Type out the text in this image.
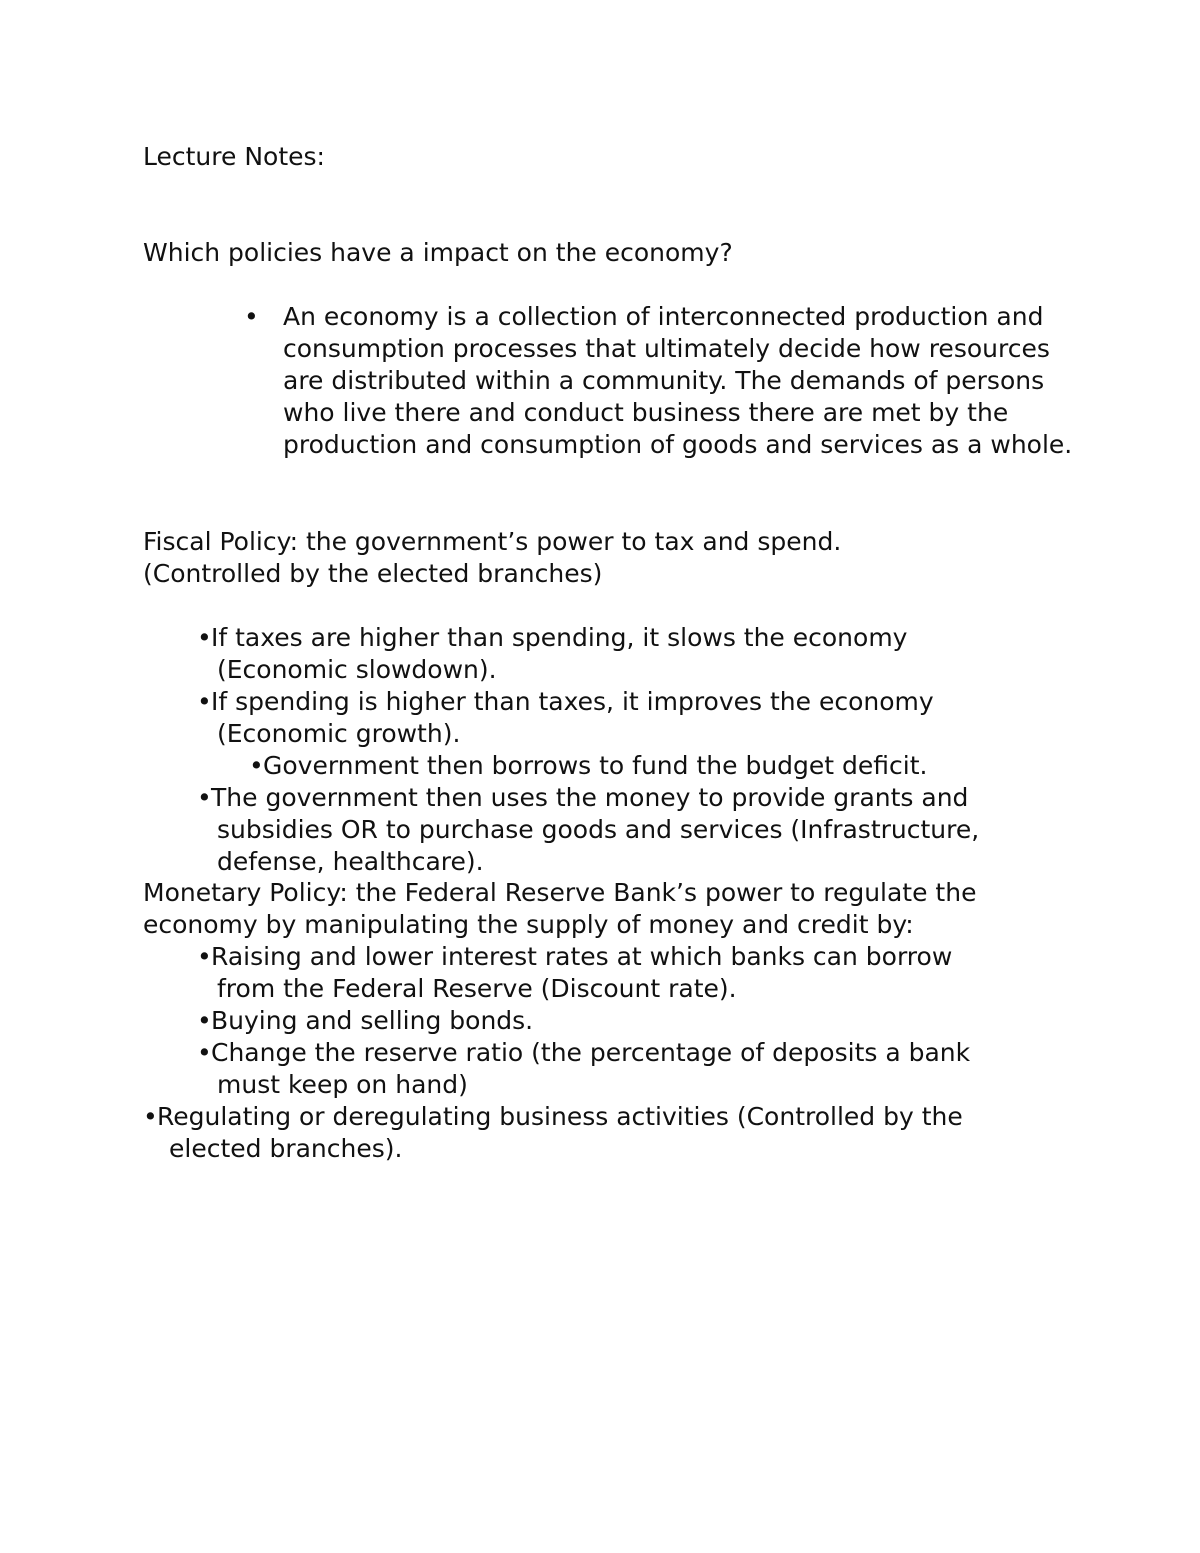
Lecture Notes:
Which policies have a impact on the economy?
• An economy is a collection of interconnected production and consumption processes that ultimately decide how resources are distributed within a community. The demands of persons who live there and conduct business there are met by the production and consumption of goods and services as a whole.
Fiscal Policy: the government’s power to tax and spend.
(Controlled by the elected branches)
• If taxes are higher than spending, it slows the economy
(Economic slowdown).
• If spending is higher than taxes, it improves the economy
(Economic growth).
• Government then borrows to fund the budget deficit.
• The government then uses the money to provide grants and
subsidies OR to purchase goods and services (Infrastructure,
defense, healthcare).
Monetary Policy: the Federal Reserve Bank’s power to regulate the
economy by manipulating the supply of money and credit by:
• Raising and lower interest rates at which banks can borrow
from the Federal Reserve (Discount rate).
• Buying and selling bonds.
• Change the reserve ratio (the percentage of deposits a bank
must keep on hand)
• Regulating or deregulating business activities (Controlled by the
elected branches).
